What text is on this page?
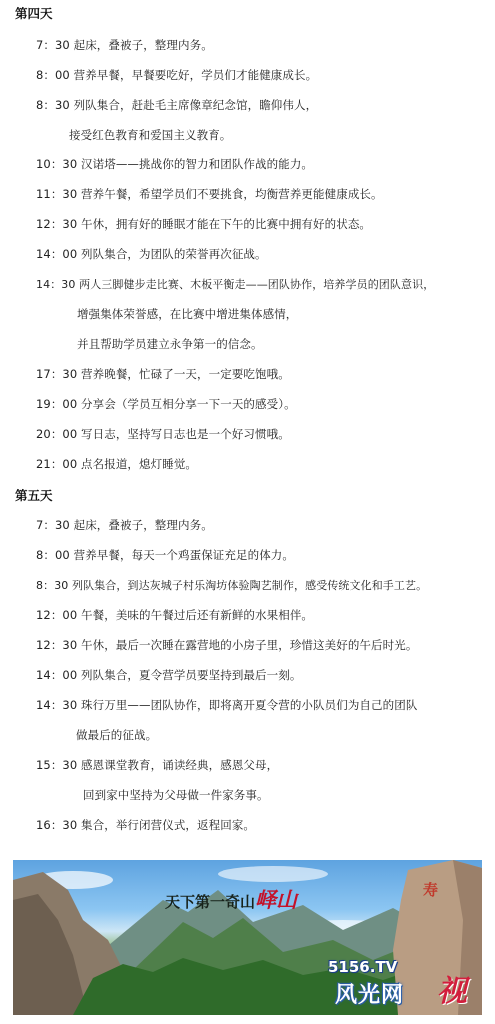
第四天
7：30 起床，叠被子，整理内务。
8：00 营养早餐，早餐要吃好，学员们才能健康成长。
8：30 列队集合，赶赴毛主席像章纪念馆，瞻仰伟人，
接受红色教育和爱国主义教育。
10：30 汉诺塔——挑战你的智力和团队作战的能力。
11：30 营养午餐，希望学员们不要挑食，均衡营养更能健康成长。
12：30 午休，拥有好的睡眠才能在下午的比赛中拥有好的状态。
14：00 列队集合，为团队的荣誉再次征战。
14：30 两人三脚健步走比赛、木板平衡走——团队协作，培养学员的团队意识，
增强集体荣誉感，在比赛中增进集体感情，
并且帮助学员建立永争第一的信念。
17：30 营养晚餐，忙碌了一天，一定要吃饱哦。
19：00 分享会（学员互相分享一下一天的感受）。
20：00 写日志，坚持写日志也是一个好习惯哦。
21：00 点名报道，熄灯睡觉。
第五天
7：30 起床，叠被子，整理内务。
8：00 营养早餐，每天一个鸡蛋保证充足的体力。
8：30 列队集合，到达灰城子村乐淘坊体验陶艺制作，感受传统文化和手工艺。
12：00 午餐，美味的午餐过后还有新鲜的水果相伴。
12：30 午休，最后一次睡在露营地的小房子里，珍惜这美好的午后时光。
14：00 列队集合，夏令营学员要坚持到最后一刻。
14：30 珠行万里——团队协作，即将离开夏令营的小队员们为自己的团队
做最后的征战。
15：30 感恩课堂教育，诵读经典，感恩父母，
回到家中坚持为父母做一件家务事。
16：30 集合，举行闭营仪式，返程回家。
天下第一奇山峄山	寿
5156.TV
风光网 视
